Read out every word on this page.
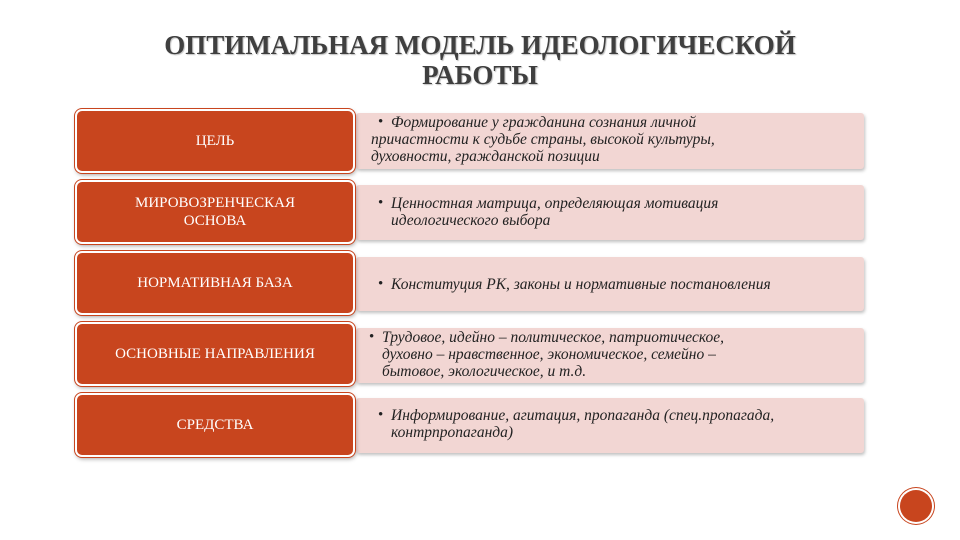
ОПТИМАЛЬНАЯ МОДЕЛЬ ИДЕОЛОГИЧЕСКОЙ
РАБОТЫ
• Формирование у гражданина сознания личной
причастности к судьбе страны, высокой культуры,
духовности, гражданской позиции
ЦЕЛЬ
• Ценностная матрица, определяющая мотивация
идеологического выбора
МИРОВОЗРЕНЧЕСКАЯ
ОСНОВА
• Конституция РК, законы и нормативные постановления
НОРМАТИВНАЯ БАЗА
• Трудовое, идейно – политическое, патриотическое,
духовно – нравственное, экономическое, семейно –
бытовое, экологическое, и т.д.
ОСНОВНЫЕ НАПРАВЛЕНИЯ
• Информирование, агитация, пропаганда (спец.пропагада,
контрпропаганда)
СРЕДСТВА
